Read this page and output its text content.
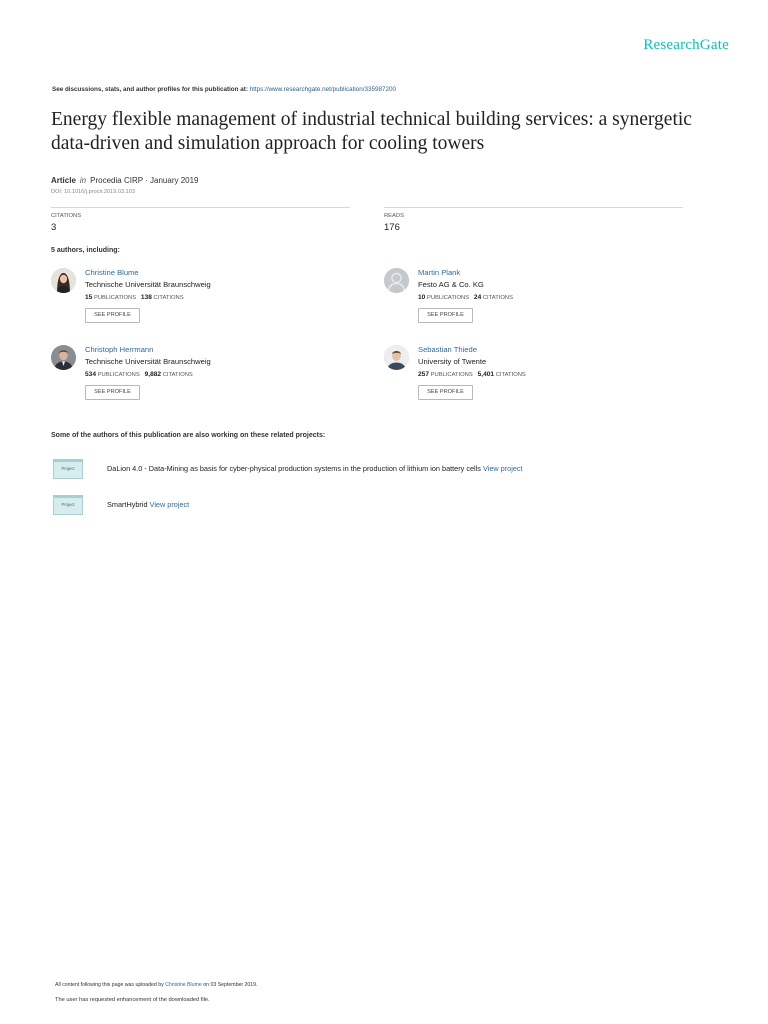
ResearchGate
See discussions, stats, and author profiles for this publication at: https://www.researchgate.net/publication/335987200
Energy flexible management of industrial technical building services: a synergetic data-driven and simulation approach for cooling towers
Article in Procedia CIRP · January 2019
DOI: 10.1016/j.procir.2019.03.103
CITATIONS
3
READS
176
5 authors, including:
Christine Blume
Technische Universität Braunschweig
15 PUBLICATIONS 138 CITATIONS
SEE PROFILE
Martin Plank
Festo AG & Co. KG
10 PUBLICATIONS 24 CITATIONS
SEE PROFILE
Christoph Herrmann
Technische Universität Braunschweig
534 PUBLICATIONS 9,882 CITATIONS
SEE PROFILE
Sebastian Thiede
University of Twente
257 PUBLICATIONS 5,401 CITATIONS
SEE PROFILE
Some of the authors of this publication are also working on these related projects:
Project	DaLion 4.0 - Data-Mining as basis for cyber-physical production systems in the production of lithium ion battery cells View project
Project	SmartHybrid View project
All content following this page was uploaded by Christine Blume on 03 September 2019.
The user has requested enhancement of the downloaded file.
